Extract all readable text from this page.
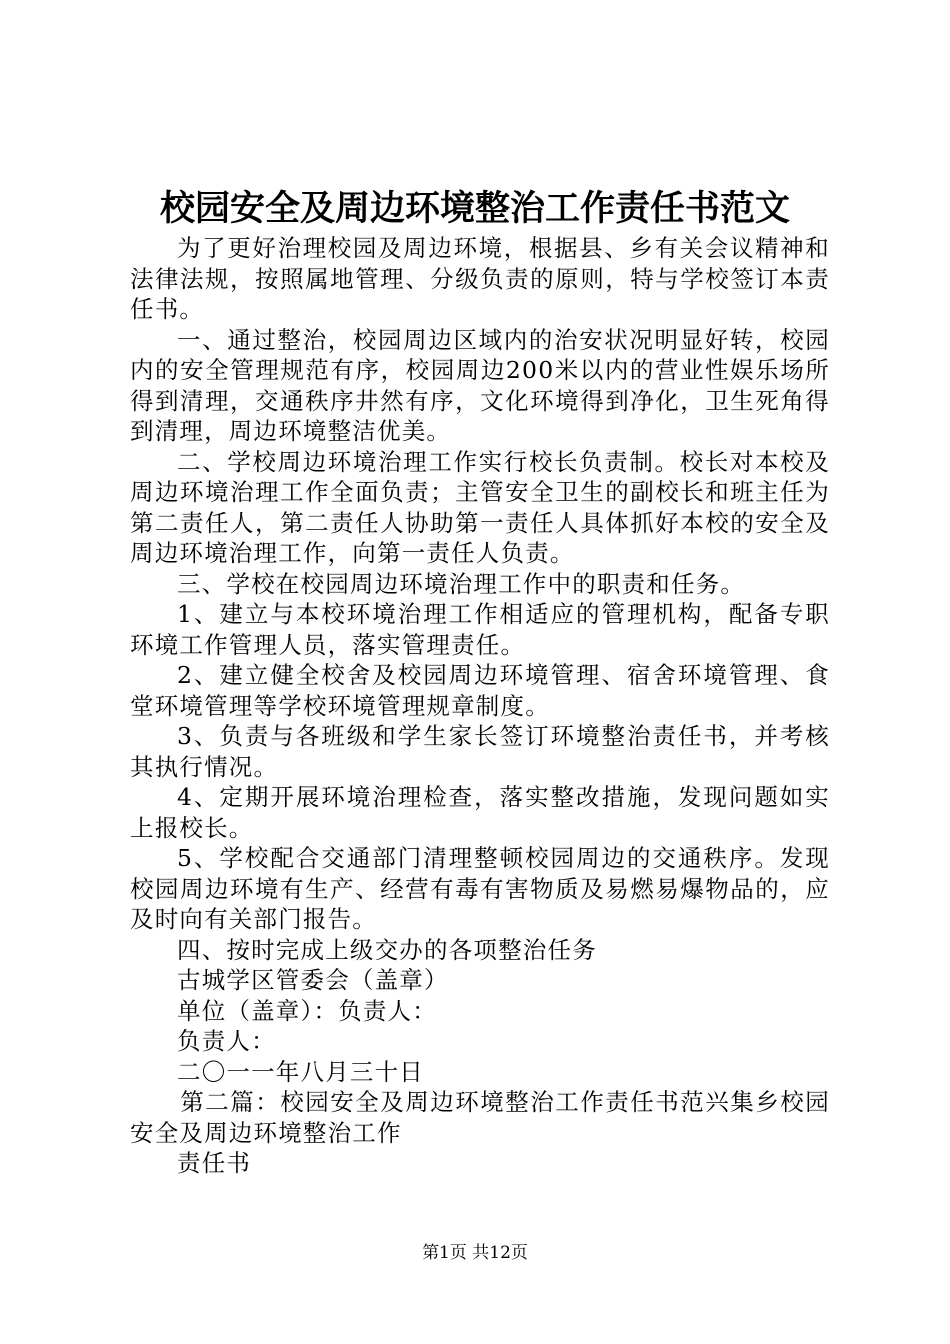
校园安全及周边环境整治工作责任书范文

为了更好治理校园及周边环境，根据县、乡有关会议精神和法律法规，按照属地管理、分级负责的原则，特与学校签订本责任书。

一、通过整治，校园周边区域内的治安状况明显好转，校园内的安全管理规范有序，校园周边200米以内的营业性娱乐场所得到清理，交通秩序井然有序，文化环境得到净化，卫生死角得到清理，周边环境整洁优美。

二、学校周边环境治理工作实行校长负责制。校长对本校及周边环境治理工作全面负责；主管安全卫生的副校长和班主任为第二责任人，第二责任人协助第一责任人具体抓好本校的安全及周边环境治理工作，向第一责任人负责。

三、学校在校园周边环境治理工作中的职责和任务。

1、建立与本校环境治理工作相适应的管理机构，配备专职环境工作管理人员，落实管理责任。

2、建立健全校舍及校园周边环境管理、宿舍环境管理、食堂环境管理等学校环境管理规章制度。

3、负责与各班级和学生家长签订环境整治责任书，并考核其执行情况。

4、定期开展环境治理检查，落实整改措施，发现问题如实上报校长。

5、学校配合交通部门清理整顿校园周边的交通秩序。发现校园周边环境有生产、经营有毒有害物质及易燃易爆物品的，应及时向有关部门报告。

四、按时完成上级交办的各项整治任务

古城学区管委会（盖章）

单位（盖章）：负责人：

负责人：

二〇一一年八月三十日

第二篇：校园安全及周边环境整治工作责任书范兴集乡校园安全及周边环境整治工作

责任书

第1页 共12页
